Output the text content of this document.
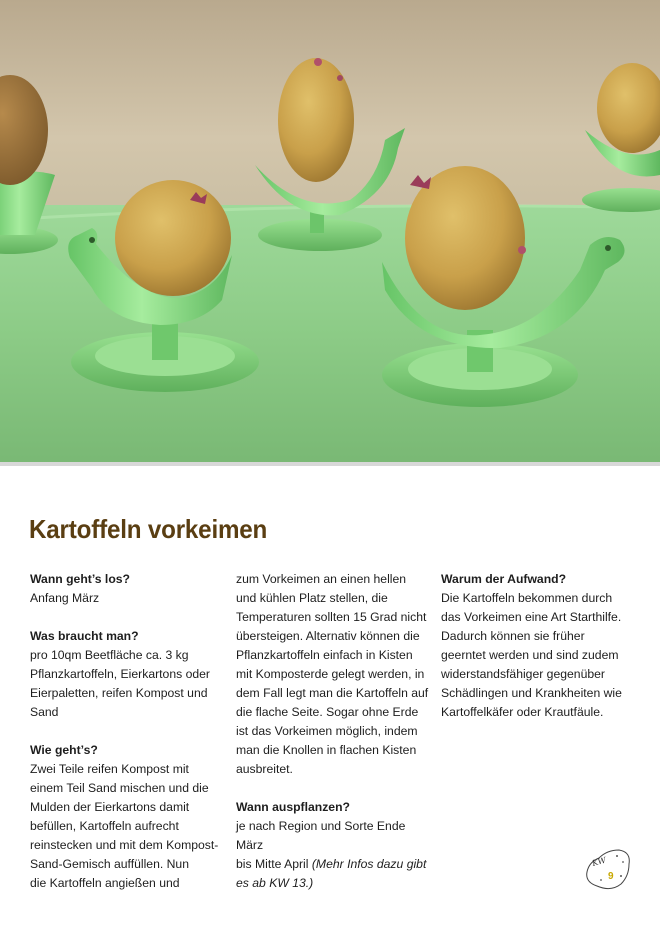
Kartoffeln vorkeimen

Wann geht’s los?

Anfang März

Was braucht man?

pro 10qm Beetfläche ca. 3 kg

Pflanzkartoffeln, Eierkartons oder

Eierpaletten, reifen Kompost und

Sand

Wie geht’s?

Zwei Teile reifen Kompost mit

einem Teil Sand mischen und die

Mulden der Eierkartons damit

befüllen, Kartoffeln aufrecht

reinstecken und mit dem Kompost-

Sand-Gemisch auffüllen. Nun

die Kartoffeln angießen und

zum Vorkeimen an einen hellen

und kühlen Platz stellen, die

Temperaturen sollten 15 Grad nicht

übersteigen. Alternativ können die

Pflanzkartoffeln einfach in Kisten

mit Komposterde gelegt werden, in

dem Fall legt man die Kartoffeln auf

die flache Seite. Sogar ohne Erde

ist das Vorkeimen möglich, indem

man die Knollen in flachen Kisten

ausbreitet.

Wann auspflanzen?

je nach Region und Sorte Ende März

bis Mitte April (Mehr Infos dazu gibt

es ab KW 13.)

Warum der Aufwand?

Die Kartoffeln bekommen durch

das Vorkeimen eine Art Starthilfe.

Dadurch können sie früher

geerntet werden und sind zudem

widerstandsfähiger gegenüber

Schädlingen und Krankheiten wie

Kartoffelkäfer oder Krautfäule.

KW
9
